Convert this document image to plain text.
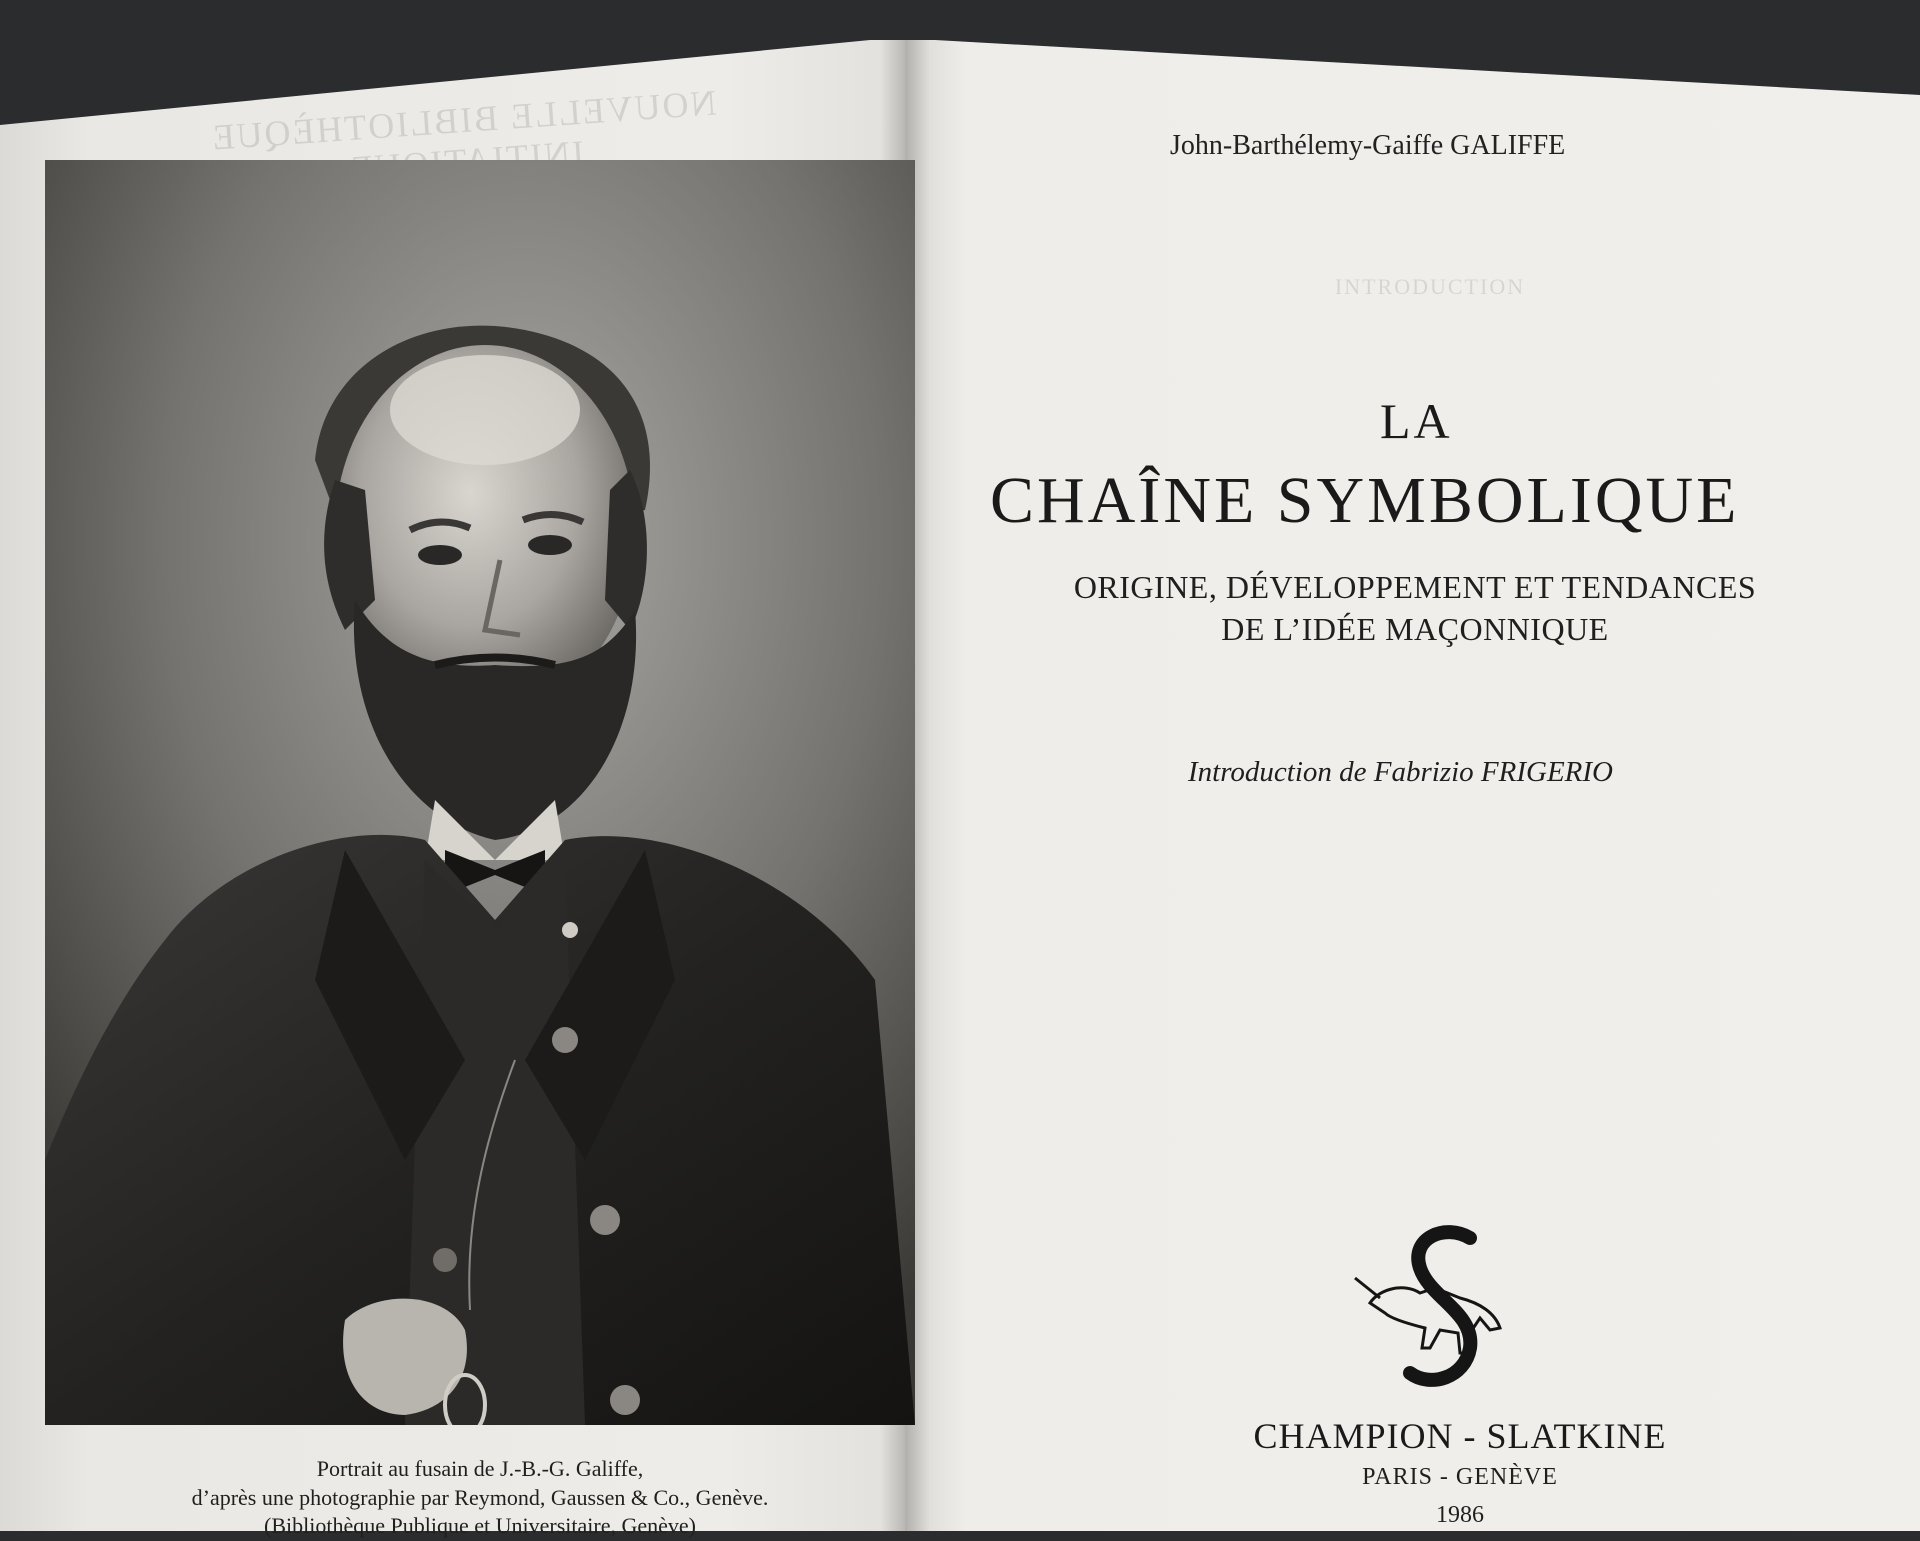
NOUVELLE BIBLIOTHÈQUE
Portrait au fusain de J.-B.-G. Galiffe,
d’après une photographie par Reymond, Gaussen & Co., Genève.
(Bibliothèque Publique et Universitaire, Genève)
INTRODUCTION
John-Barthélemy-Gaiffe GALIFFE
LA
CHAÎNE SYMBOLIQUE
ORIGINE, DÉVELOPPEMENT ET TENDANCES
DE L’IDÉE MAÇONNIQUE
Introduction de Fabrizio FRIGERIO
CHAMPION - SLATKINE
PARIS - GENÈVE
1986
